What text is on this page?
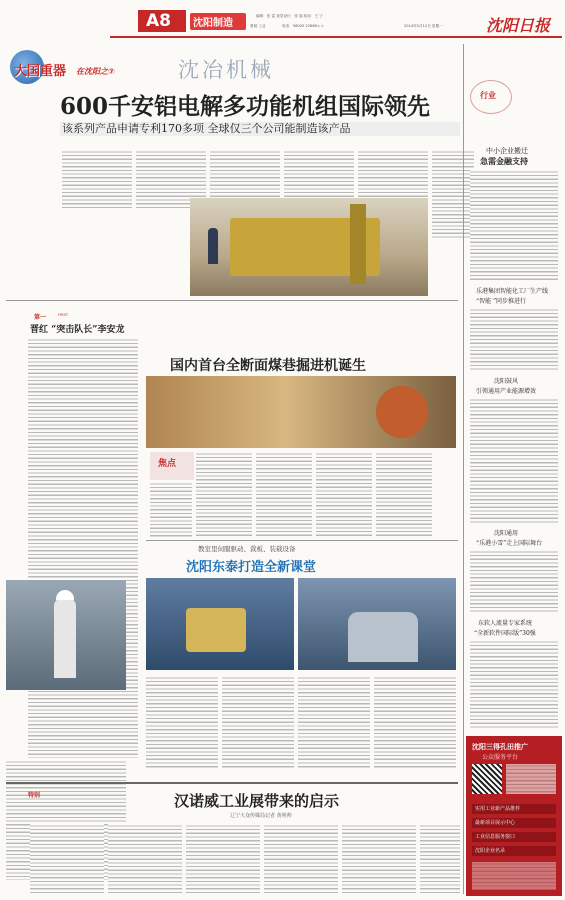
A8 沈阳制造	要闻·工业
编辑：张 雷 视觉设计：张 丽 检读：王 宁
电话：96003 22868＊＊	2014年5月12日 星期一	沈阳日报
大国重器 在沈阳之⑦	沈冶机械
600千安铝电解多功能机组国际领先
该系列产品申请专利170多项 全球仅三个公司能制造该产品
第一	FIRST
晋红 “突击队长”李安龙
国内首台全断面煤巷掘进机诞生
焦点
教室里伺服驱动、裁板、装载设备
沈阳东泰打造全新课堂
特别	汉诺威工业展带来的启示
辽宁大众传媒局记者 黄明帅
行业
中小企业搬迁
急需金融支持
乐港集团智能化工厂生产线
“智能 ”同步推进行
沈阳鼓风
引领通用产业能源增效
沈阳通用
“乐港小雪”走上国际舞台
东软人流量专家系统
“全新软件国际版”30强
沈阳三得孔田推广
公众服务平台
实用工业新产品推荐
最新项目展示中心
工业信息服务窗口
沈阳企业名录
